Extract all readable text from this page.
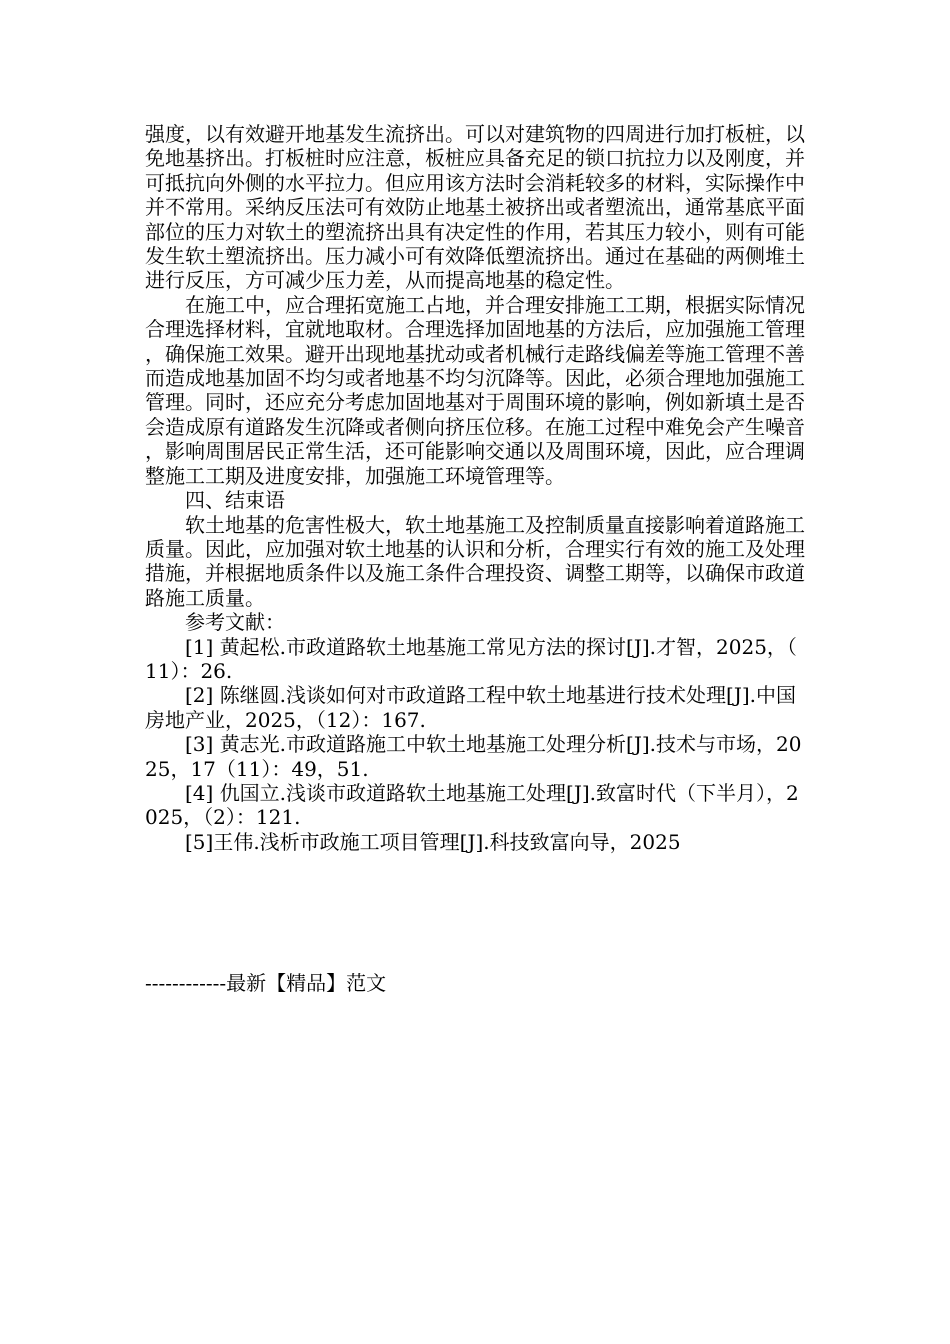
强度，以有效避开地基发生流挤出。可以对建筑物的四周进行加打板桩，以免地基挤出。打板桩时应注意，板桩应具备充足的锁口抗拉力以及刚度，并可抵抗向外侧的水平拉力。但应用该方法时会消耗较多的材料，实际操作中并不常用。采纳反压法可有效防止地基土被挤出或者塑流出，通常基底平面部位的压力对软土的塑流挤出具有决定性的作用，若其压力较小，则有可能发生软土塑流挤出。压力减小可有效降低塑流挤出。通过在基础的两侧堆土进行反压，方可减少压力差，从而提高地基的稳定性。

在施工中，应合理拓宽施工占地，并合理安排施工工期，根据实际情况合理选择材料，宜就地取材。合理选择加固地基的方法后，应加强施工管理，确保施工效果。避开出现地基扰动或者机械行走路线偏差等施工管理不善而造成地基加固不均匀或者地基不均匀沉降等。因此，必须合理地加强施工管理。同时，还应充分考虑加固地基对于周围环境的影响，例如新填土是否会造成原有道路发生沉降或者侧向挤压位移。在施工过程中难免会产生噪音，影响周围居民正常生活，还可能影响交通以及周围环境，因此，应合理调整施工工期及进度安排，加强施工环境管理等。

四、结束语

软土地基的危害性极大，软土地基施工及控制质量直接影响着道路施工质量。因此，应加强对软土地基的认识和分析，合理实行有效的施工及处理措施，并根据地质条件以及施工条件合理投资、调整工期等，以确保市政道路施工质量。

参考文献：

[1] 黄起松.市政道路软土地基施工常见方法的探讨[J].才智，2025，（11）：26.

[2] 陈继圆.浅谈如何对市政道路工程中软土地基进行技术处理[J].中国房地产业，2025，（12）：167.

[3] 黄志光.市政道路施工中软土地基施工处理分析[J].技术与市场，2025，17（11）：49，51.

[4] 仇国立.浅谈市政道路软土地基施工处理[J].致富时代（下半月），2025，（2）：121.

[5]王伟.浅析市政施工项目管理[J].科技致富向导，2025

------------最新【精品】范文
